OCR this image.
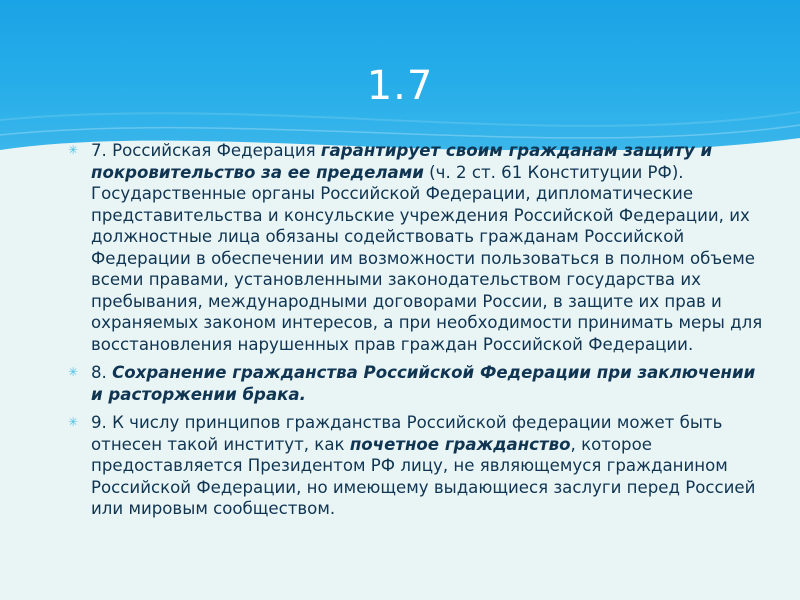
1.7
✳ 7. Российская Федерация гарантирует своим гражданам защиту и покровительство за ее пределами (ч. 2 ст. 61 Конституции РФ). Государственные органы Российской Федерации, дипломатические представительства и консульские учреждения Российской Федерации, их должностные лица обязаны содействовать гражданам Российской Федерации в обеспечении им возможности пользоваться в полном объеме всеми правами, установленными законодательством государства их пребывания, международными договорами России, в защите их прав и охраняемых законом интересов, а при необходимости принимать меры для восстановления нарушенных прав граждан Российской Федерации.
✳ 8. Сохранение гражданства Российской Федерации при заключении и расторжении брака.
✳ 9. К числу принципов гражданства Российской федерации может быть отнесен такой институт, как почетное гражданство, которое предоставляется Президентом РФ лицу, не являющемуся гражданином Российской Федерации, но имеющему выдающиеся заслуги перед Россией или мировым сообществом.
